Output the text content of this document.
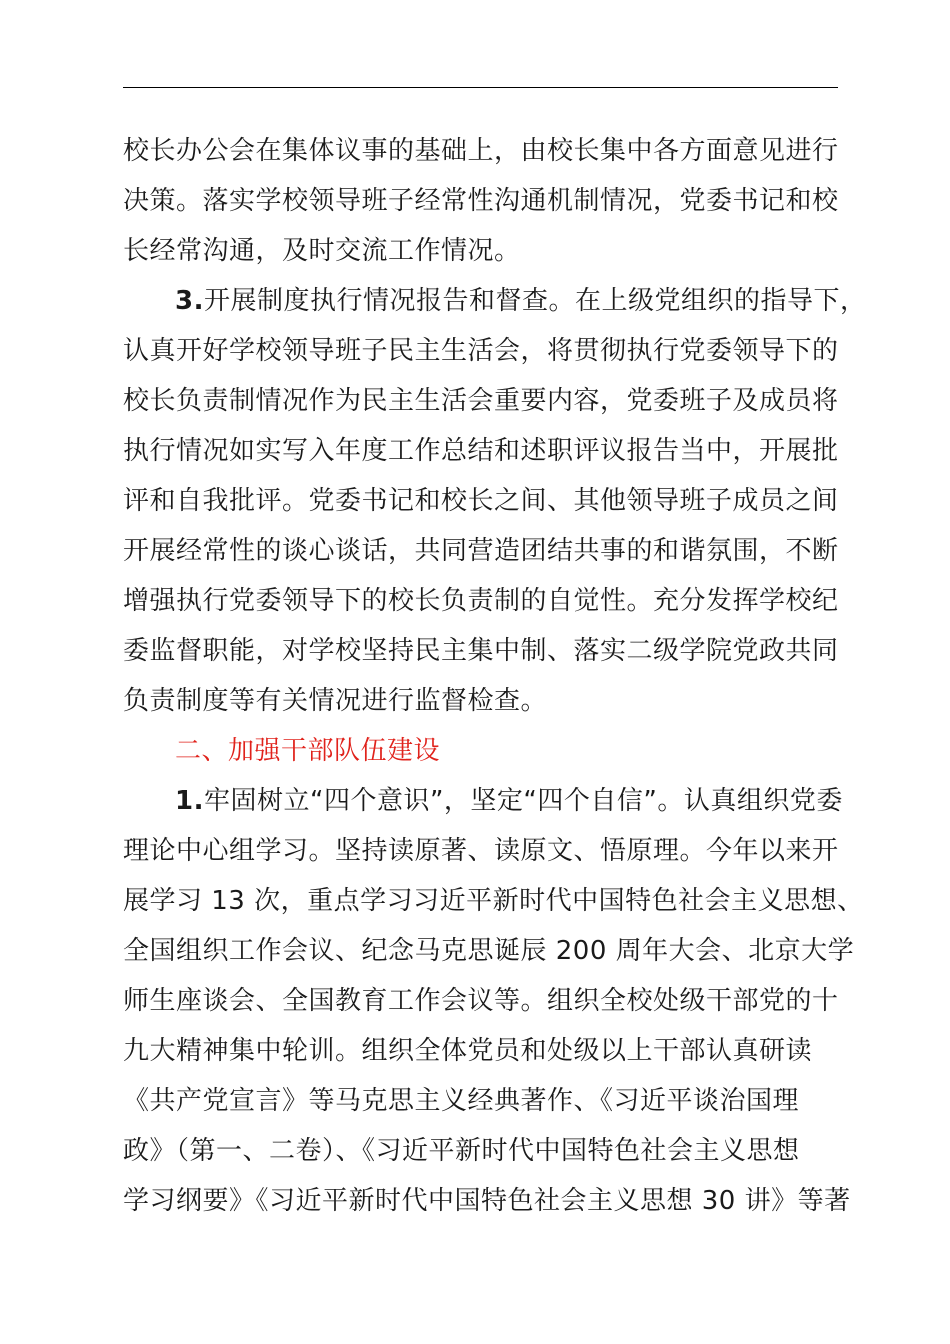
校长办公会在集体议事的基础上，由校长集中各方面意见进行
决策。落实学校领导班子经常性沟通机制情况，党委书记和校
长经常沟通，及时交流工作情况。
3.开展制度执行情况报告和督查。在上级党组织的指导下，
认真开好学校领导班子民主生活会，将贯彻执行党委领导下的
校长负责制情况作为民主生活会重要内容，党委班子及成员将
执行情况如实写入年度工作总结和述职评议报告当中，开展批
评和自我批评。党委书记和校长之间、其他领导班子成员之间
开展经常性的谈心谈话，共同营造团结共事的和谐氛围，不断
增强执行党委领导下的校长负责制的自觉性。充分发挥学校纪
委监督职能，对学校坚持民主集中制、落实二级学院党政共同
负责制度等有关情况进行监督检查。
二、加强干部队伍建设
1.牢固树立“四个意识”，坚定“四个自信”。认真组织党委
理论中心组学习。坚持读原著、读原文、悟原理。今年以来开
展学习 13 次，重点学习习近平新时代中国特色社会主义思想、
全国组织工作会议、纪念马克思诞辰 200 周年大会、北京大学
师生座谈会、全国教育工作会议等。组织全校处级干部党的十
九大精神集中轮训。组织全体党员和处级以上干部认真研读
《共产党宣言》等马克思主义经典著作、《习近平谈治国理
政》（第一、二卷）、《习近平新时代中国特色社会主义思想
学习纲要》《习近平新时代中国特色社会主义思想 30 讲》等著
